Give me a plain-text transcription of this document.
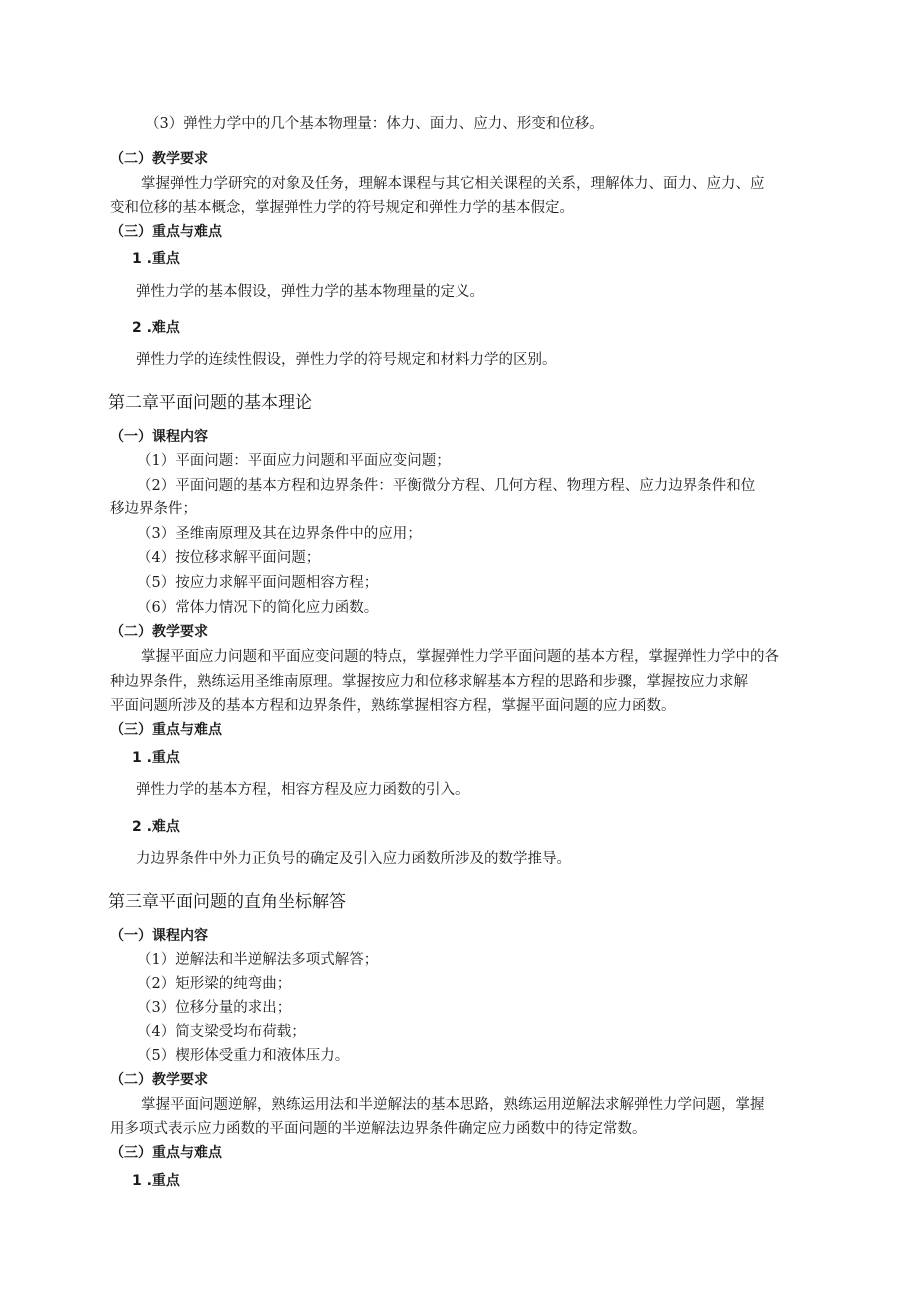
（3）弹性力学中的几个基本物理量：体力、面力、应力、形变和位移。
（二）教学要求
掌握弹性力学研究的对象及任务，理解本课程与其它相关课程的关系，理解体力、面力、应力、应
变和位移的基本概念，掌握弹性力学的符号规定和弹性力学的基本假定。
（三）重点与难点
1 .重点
弹性力学的基本假设，弹性力学的基本物理量的定义。
2 .难点
弹性力学的连续性假设，弹性力学的符号规定和材料力学的区别。
第二章平面问题的基本理论
（一）课程内容
（1）平面问题：平面应力问题和平面应变问题；
（2）平面问题的基本方程和边界条件：平衡微分方程、几何方程、物理方程、应力边界条件和位
移边界条件；
（3）圣维南原理及其在边界条件中的应用；
（4）按位移求解平面问题；
（5）按应力求解平面问题相容方程；
（6）常体力情况下的简化应力函数。
（二）教学要求
掌握平面应力问题和平面应变问题的特点，掌握弹性力学平面问题的基本方程，掌握弹性力学中的各
种边界条件，熟练运用圣维南原理。掌握按应力和位移求解基本方程的思路和步骤，掌握按应力求解
平面问题所涉及的基本方程和边界条件，熟练掌握相容方程，掌握平面问题的应力函数。
（三）重点与难点
1 .重点
弹性力学的基本方程，相容方程及应力函数的引入。
2 .难点
力边界条件中外力正负号的确定及引入应力函数所涉及的数学推导。
第三章平面问题的直角坐标解答
（一）课程内容
（1）逆解法和半逆解法多项式解答；
（2）矩形梁的纯弯曲；
（3）位移分量的求出；
（4）简支梁受均布荷载；
（5）楔形体受重力和液体压力。
（二）教学要求
掌握平面问题逆解，熟练运用法和半逆解法的基本思路，熟练运用逆解法求解弹性力学问题，掌握
用多项式表示应力函数的平面问题的半逆解法边界条件确定应力函数中的待定常数。
（三）重点与难点
1 .重点
